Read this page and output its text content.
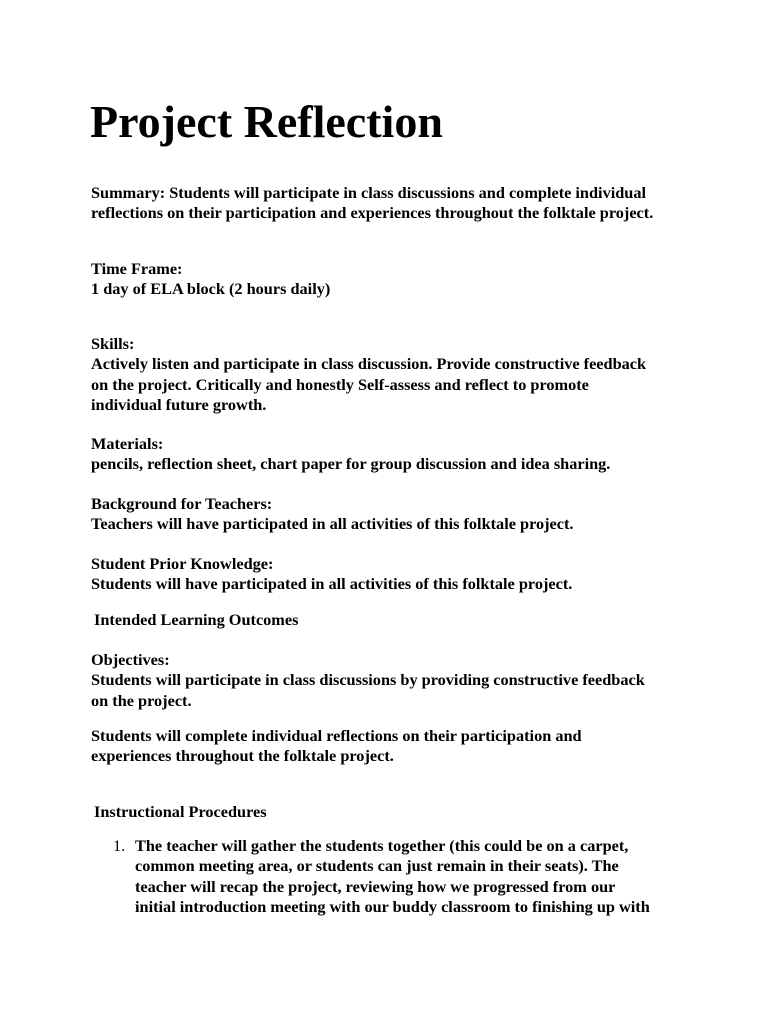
Project Reflection

Summary: Students will participate in class discussions and complete individual
reflections on their participation and experiences throughout the folktale project.

Time Frame:
1 day of ELA block (2 hours daily)

Skills:
Actively listen and participate in class discussion. Provide constructive feedback
on the project. Critically and honestly Self-assess and reflect to promote
individual future growth.

Materials:
pencils, reflection sheet, chart paper for group discussion and idea sharing.

Background for Teachers:
Teachers will have participated in all activities of this folktale project.

Student Prior Knowledge:
Students will have participated in all activities of this folktale project.

Intended Learning Outcomes

Objectives:
Students will participate in class discussions by providing constructive feedback
on the project.

Students will complete individual reflections on their participation and
experiences throughout the folktale project.

Instructional Procedures

1. The teacher will gather the students together (this could be on a carpet,
common meeting area, or students can just remain in their seats). The
teacher will recap the project, reviewing how we progressed from our
initial introduction meeting with our buddy classroom to finishing up with
